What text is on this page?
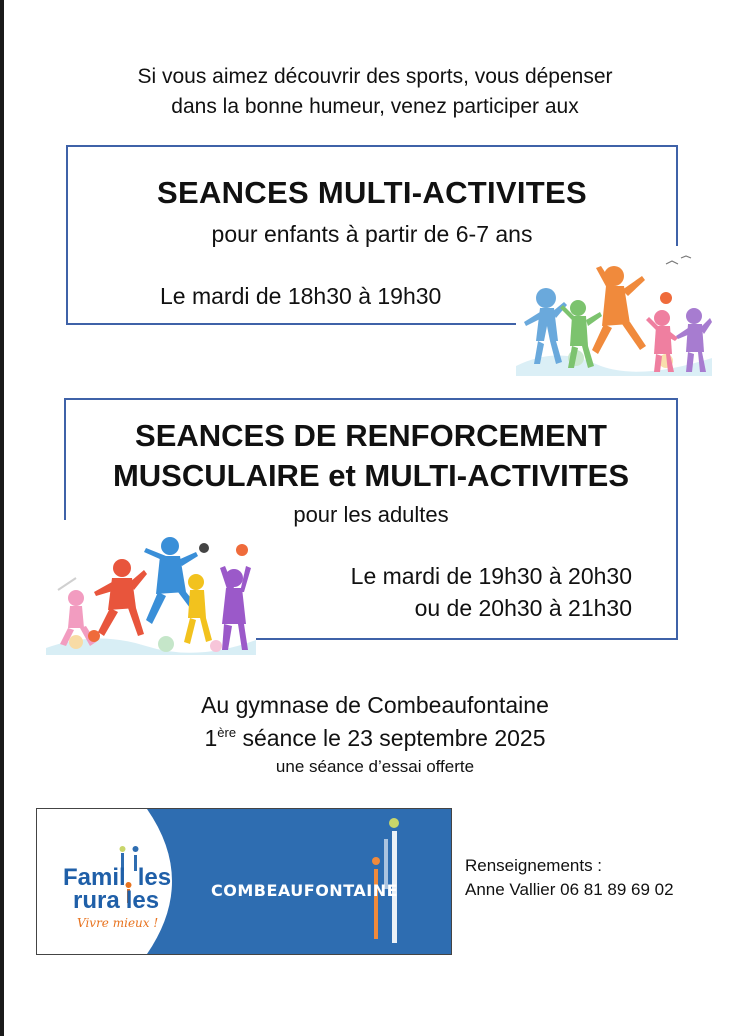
Si vous aimez découvrir des sports, vous dépenser
dans la bonne humeur, venez participer aux
SEANCES MULTI-ACTIVITES
pour enfants à partir de 6-7 ans
Le mardi de 18h30 à 19h30
SEANCES DE RENFORCEMENT
MUSCULAIRE et MULTI-ACTIVITES
pour les adultes
Le mardi de 19h30 à 20h30
ou de 20h30 à 21h30
Au gymnase de Combeaufontaine
1ère séance le 23 septembre 2025
une séance d’essai offerte
Famil les
rura les
Vivre mieux !
COMBEAUFONTAINE
Renseignements :
Anne Vallier 06 81 89 69 02
